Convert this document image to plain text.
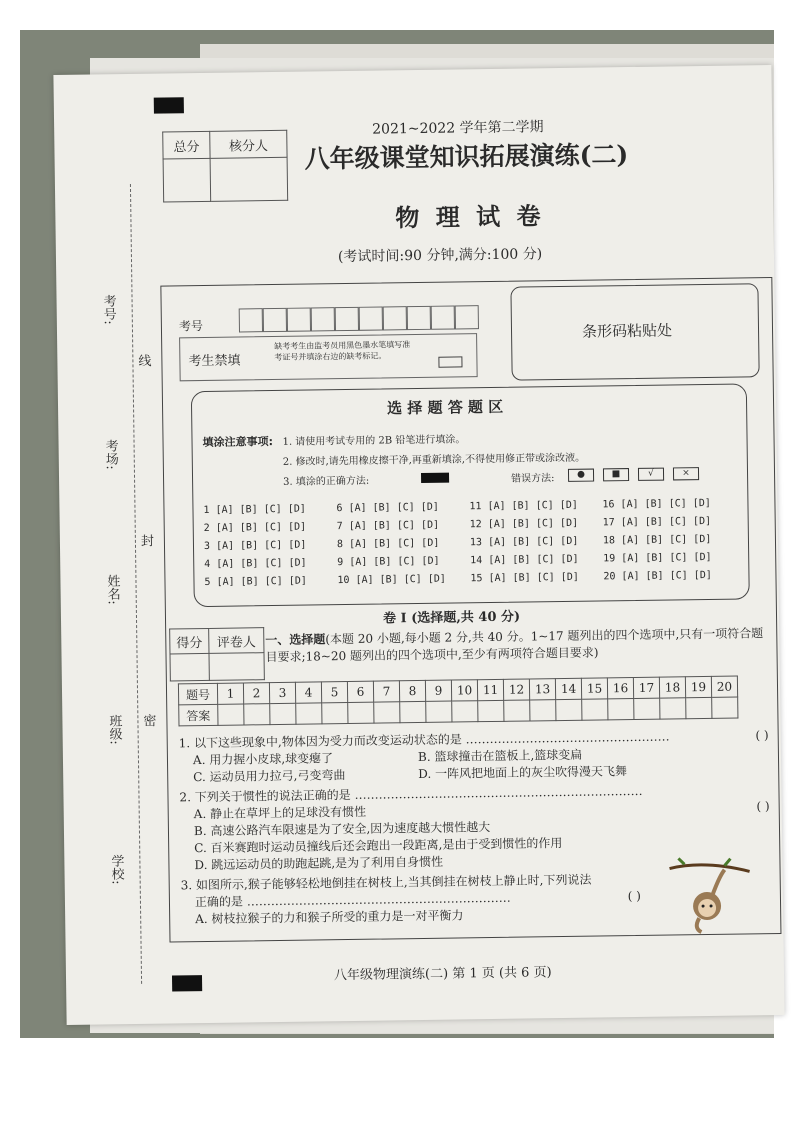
总分	核分人

2021~2022 学年第二学期
八年级课堂知识拓展演练(二)
物 理 试 卷
(考试时间:90 分钟,满分:100 分)
考号:
考场:
姓名:
班级:
学校:
线
封
密
考号
考生禁填
缺考考生由监考员用黑色墨水笔填写准考证号并填涂右边的缺考标记。
条形码粘贴处
选 择 题 答 题 区
填涂注意事项: 1. 请使用考试专用的 2B 铅笔进行填涂。
2. 修改时,请先用橡皮擦干净,再重新填涂,不得使用修正带或涂改液。
3. 填涂的正确方法:	错误方法:	●	■	√	×
1 [A] [B] [C] [D]
2 [A] [B] [C] [D]
3 [A] [B] [C] [D]
4 [A] [B] [C] [D]
5 [A] [B] [C] [D]
6 [A] [B] [C] [D]
7 [A] [B] [C] [D]
8 [A] [B] [C] [D]
9 [A] [B] [C] [D]
10 [A] [B] [C] [D]
11 [A] [B] [C] [D]
12 [A] [B] [C] [D]
13 [A] [B] [C] [D]
14 [A] [B] [C] [D]
15 [A] [B] [C] [D]
16 [A] [B] [C] [D]
17 [A] [B] [C] [D]
18 [A] [B] [C] [D]
19 [A] [B] [C] [D]
20 [A] [B] [C] [D]
卷 I (选择题,共 40 分)
得分	评卷人
	一、选择题(本题 20 小题,每小题 2 分,共 40 分。1~17 题列出的四个选项中,只有一项符合题目要求;18~20 题列出的四个选项中,至少有两项符合题目要求)
题号	1	2	3	4	5	6	7	8	9	10	11	12	13	14	15	16	17	18	19	20
答案																				
1. 以下这些现象中,物体因为受力而改变运动状态的是 ……………………………………………	( )
A. 用力握小皮球,球变瘪了	B. 篮球撞击在篮板上,篮球变扁
C. 运动员用力拉弓,弓变弯曲	D. 一阵风把地面上的灰尘吹得漫天飞舞
2. 下列关于惯性的说法正确的是 ………………………………………………………………
A. 静止在草坪上的足球没有惯性	( )
B. 高速公路汽车限速是为了安全,因为速度越大惯性越大
C. 百米赛跑时运动员撞线后还会跑出一段距离,是由于受到惯性的作用
D. 跳远运动员的助跑起跳,是为了利用自身惯性
3. 如图所示,猴子能够轻松地倒挂在树枝上,当其倒挂在树枝上静止时,下列说法
正确的是 …………………………………………………………	( )
A. 树枝拉猴子的力和猴子所受的重力是一对平衡力
八年级物理演练(二) 第 1 页 (共 6 页)
